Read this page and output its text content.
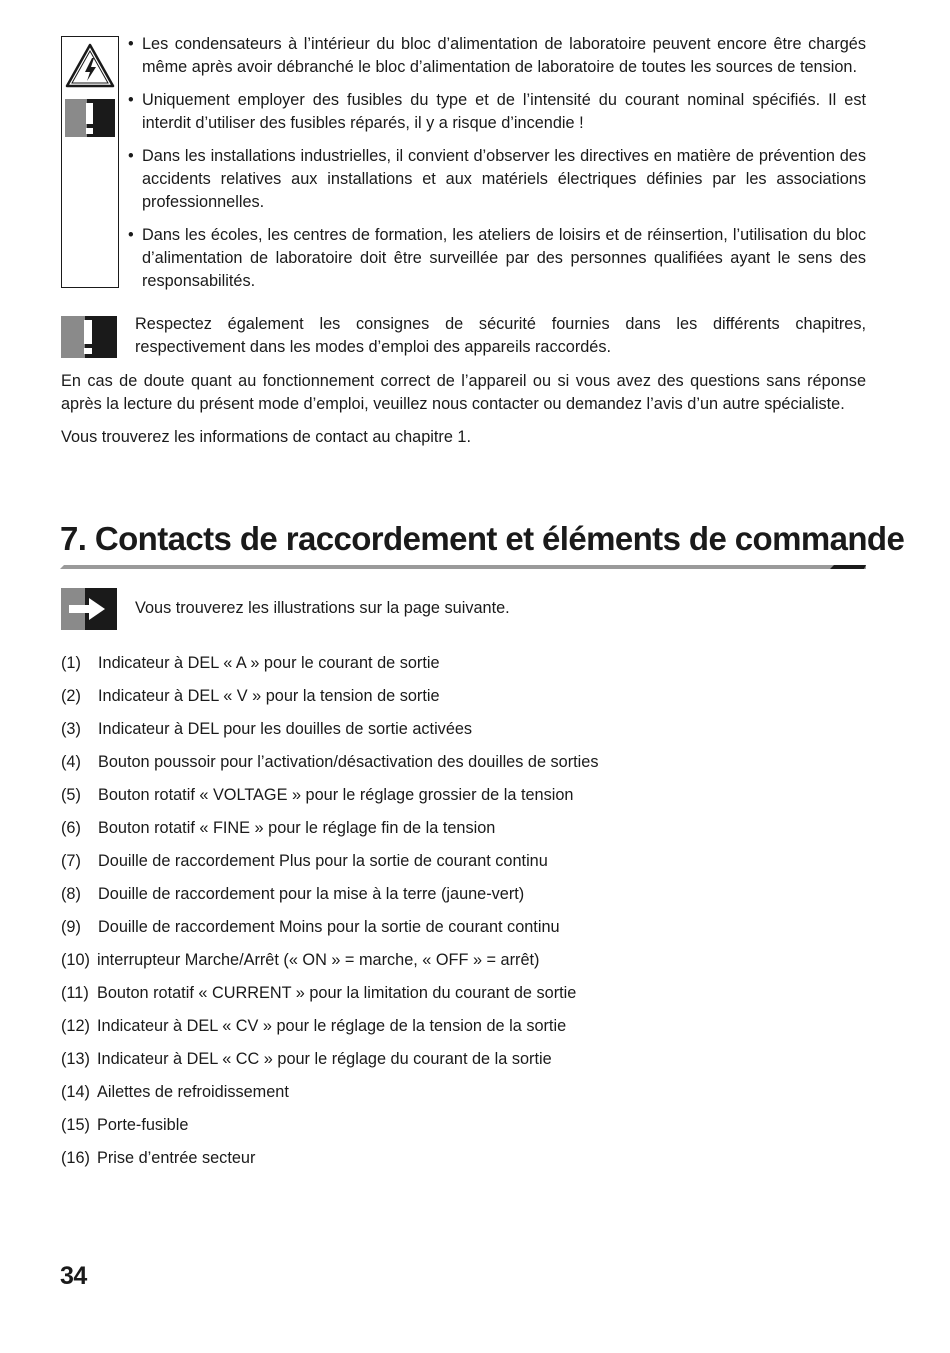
• Les condensateurs à l’intérieur du bloc d’alimentation de laboratoire peuvent encore être chargés même après avoir débranché le bloc d’alimentation de laboratoire de toutes les sources de tension.
• Uniquement employer des fusibles du type et de l’intensité du courant nominal spécifiés. Il est interdit d’utiliser des fusibles réparés, il y a risque d’incendie !
• Dans les installations industrielles, il convient d’observer les directives en matière de prévention des accidents relatives aux installations et aux matériels électriques définies par les associations professionnelles.
• Dans les écoles, les centres de formation, les ateliers de loisirs et de réinsertion, l’utilisation du bloc d’alimentation de laboratoire doit être surveillée par des personnes qualifiées ayant le sens des responsabilités.

Respectez également les consignes de sécurité fournies dans les différents chapitres, respectivement dans les modes d’emploi des appareils raccordés.

En cas de doute quant au fonctionnement correct de l’appareil ou si vous avez des questions sans réponse après la lecture du présent mode d’emploi, veuillez nous contacter ou demandez l’avis d’un autre spécialiste.

Vous trouverez les informations de contact au chapitre 1.

7. Contacts de raccordement et éléments de commande

Vous trouverez les illustrations sur la page suivante.

(1) Indicateur à DEL « A » pour le courant de sortie
(2) Indicateur à DEL « V » pour la tension de sortie
(3) Indicateur à DEL pour les douilles de sortie activées
(4) Bouton poussoir pour l’activation/désactivation des douilles de sorties
(5) Bouton rotatif « VOLTAGE » pour le réglage grossier de la tension
(6) Bouton rotatif « FINE » pour le réglage fin de la tension
(7) Douille de raccordement Plus pour la sortie de courant continu
(8) Douille de raccordement pour la mise à la terre (jaune-vert)
(9) Douille de raccordement Moins pour la sortie de courant continu
(10) interrupteur Marche/Arrêt (« ON » = marche, « OFF » = arrêt)
(11) Bouton rotatif « CURRENT » pour la limitation du courant de sortie
(12) Indicateur à DEL « CV » pour le réglage de la tension de la sortie
(13) Indicateur à DEL « CC » pour le réglage du courant de la sortie
(14) Ailettes de refroidissement
(15) Porte-fusible
(16) Prise d’entrée secteur

34
